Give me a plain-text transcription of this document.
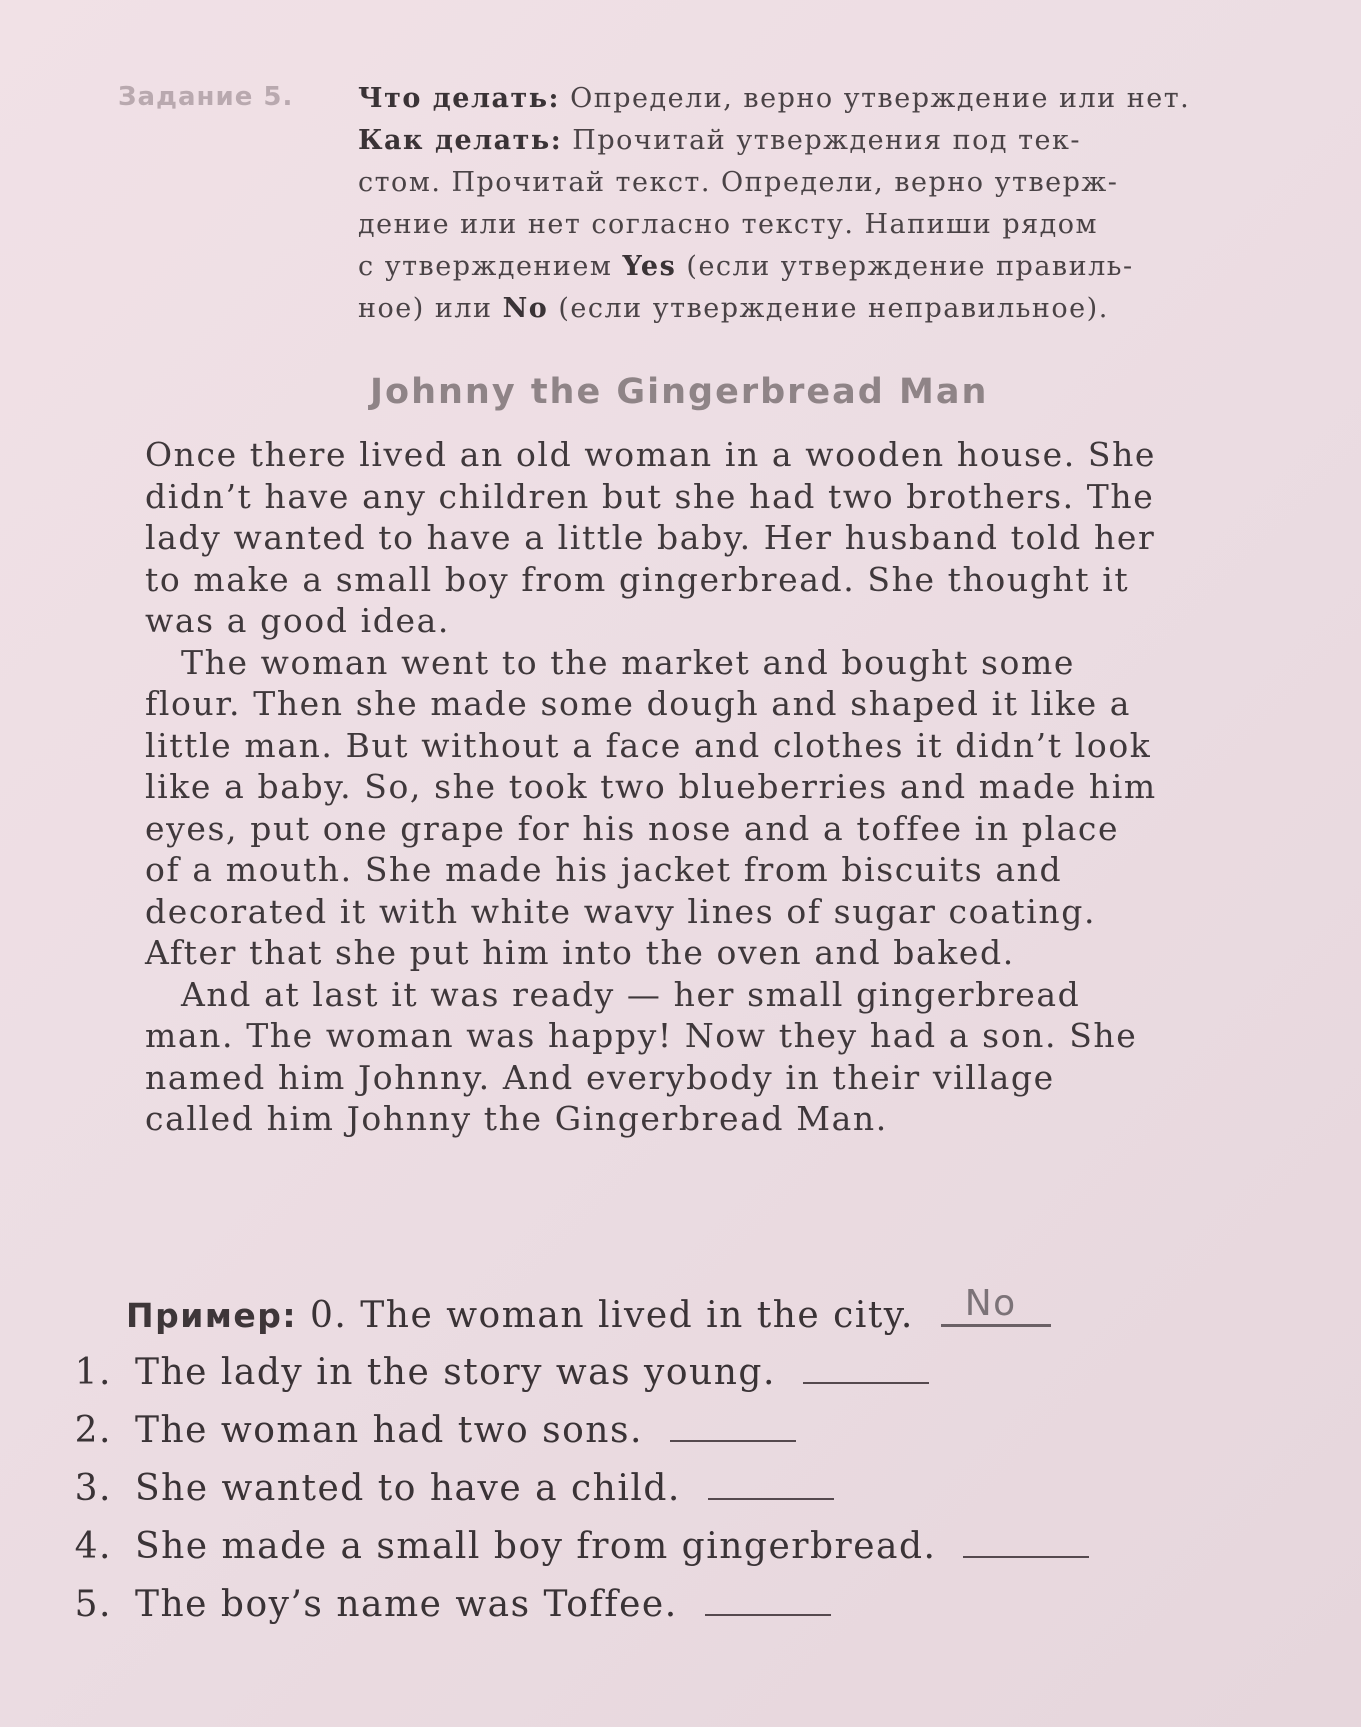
Задание 5. Что делать: Определи, верно утверждение или нет.

Как делать: Прочитай утверждения под тек-

стом. Прочитай текст. Определи, верно утверж-

дение или нет согласно тексту. Напиши рядом

с утверждением Yes (если утверждение правиль-

ное) или No (если утверждение неправильное).

Johnny the Gingerbread Man
Once there lived an old woman in a wooden house. She
didn’t have any children but she had two brothers. The
lady wanted to have a little baby. Her husband told her
to make a small boy from gingerbread. She thought it
was a good idea.
The woman went to the market and bought some
flour. Then she made some dough and shaped it like a
little man. But without a face and clothes it didn’t look
like a baby. So, she took two blueberries and made him
eyes, put one grape for his nose and a toffee in place
of a mouth. She made his jacket from biscuits and
decorated it with white wavy lines of sugar coating.
After that she put him into the oven and baked.
And at last it was ready — her small gingerbread
man. The woman was happy! Now they had a son. She
named him Johnny. And everybody in their village
called him Johnny the Gingerbread Man.
Пример: 0. The woman lived in the city. No
1. The lady in the story was young.
2. The woman had two sons.
3. She wanted to have a child.
4. She made a small boy from gingerbread.
5. The boy’s name was Toffee.
